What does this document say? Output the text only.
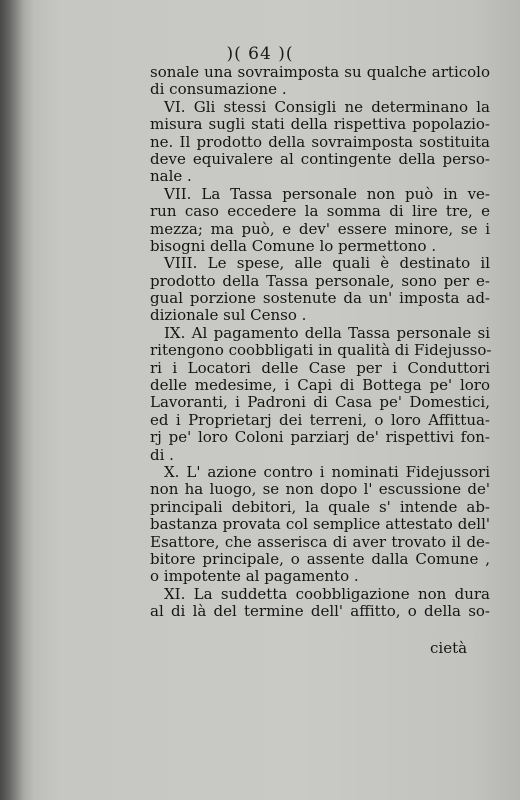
)( 64 )(
sonale una sovraimposta su qualche articolo
di consumazione .
VI. Gli stessi Consigli ne determinano la
misura sugli stati della rispettiva popolazio-
ne. Il prodotto della sovraimposta sostituita
deve equivalere al contingente della perso-
nale .
VII. La Tassa personale non può in ve-
run caso eccedere la somma di lire tre, e
mezza; ma può, e dev' essere minore, se i
bisogni della Comune lo permettono .
VIII. Le spese, alle quali è destinato il
prodotto della Tassa personale, sono per e-
gual porzione sostenute da un' imposta ad-
dizionale sul Censo .
IX. Al pagamento della Tassa personale si
ritengono coobbligati in qualità di Fidejusso-
ri i Locatori delle Case per i Conduttori
delle medesime, i Capi di Bottega pe' loro
Lavoranti, i Padroni di Casa pe' Domestici,
ed i Proprietarj dei terreni, o loro Affittua-
rj pe' loro Coloni parziarj de' rispettivi fon-
di .
X. L' azione contro i nominati Fidejussori
non ha luogo, se non dopo l' escussione de'
principali debitori, la quale s' intende ab-
bastanza provata col semplice attestato dell'
Esattore, che asserisca di aver trovato il de-
bitore principale, o assente dalla Comune ,
o impotente al pagamento .
XI. La suddetta coobbligazione non dura
al di là del termine dell' affitto, o della so-
cietà
